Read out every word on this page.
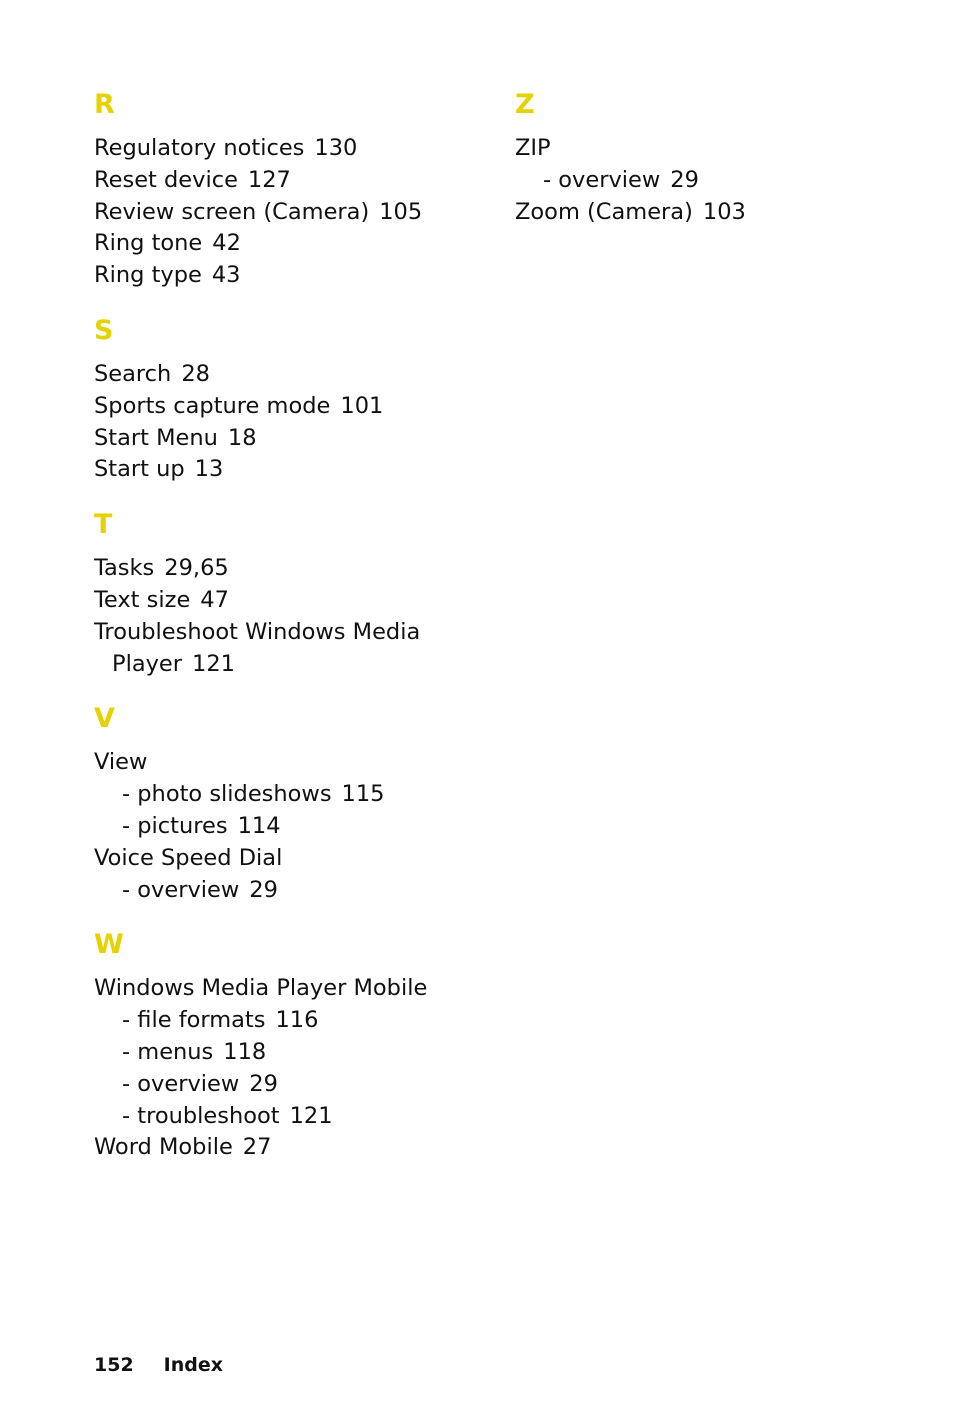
R
Regulatory notices 130
Reset device 127
Review screen (Camera) 105
Ring tone 42
Ring type 43
S
Search 28
Sports capture mode 101
Start Menu 18
Start up 13
T
Tasks 29,65
Text size 47
Troubleshoot Windows Media
Player 121
V
View
- photo slideshows 115
- pictures 114
Voice Speed Dial
- overview 29
W
Windows Media Player Mobile
- file formats 116
- menus 118
- overview 29
- troubleshoot 121
Word Mobile 27
Z
ZIP
- overview 29
Zoom (Camera) 103
152 Index
